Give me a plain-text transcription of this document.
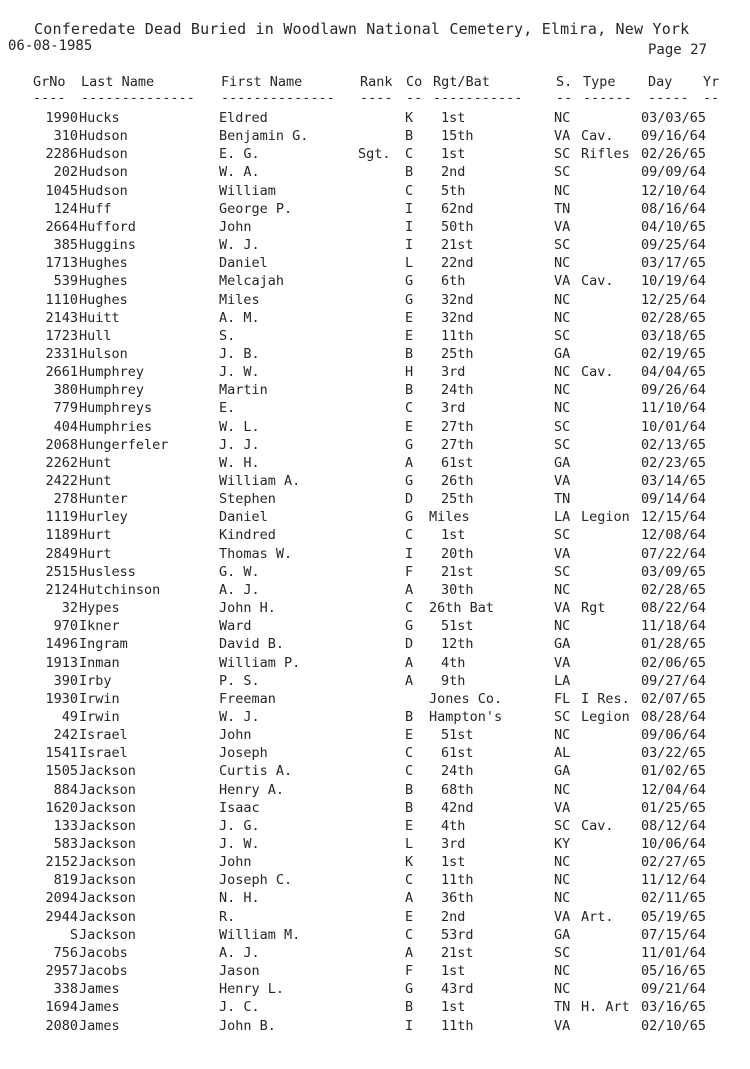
Conferedate Dead Buried in Woodlawn National Cemetery, Elmira, New York
06-08-1985	Page 27
GrNo Last Name	First Name	Rank Co Rgt/Bat	S. Type Day Yr
---- -------------- -------------- ---- -- ----------- -- ------ ----- --
1990 Hucks	Eldred	K 1st	NC	03/03/65
310 Hudson	Benjamin G.	B 15th	VA Cav. 09/16/64
2286 Hudson	E. G.	Sgt. C 1st	SC Rifles 02/26/65
202 Hudson	W. A.	B 2nd	SC	09/09/64
1045 Hudson	William	C 5th	NC	12/10/64
124 Huff	George P.	I 62nd	TN	08/16/64
2664 Hufford	John	I 50th	VA	04/10/65
385 Huggins	W. J.	I 21st	SC	09/25/64
1713 Hughes	Daniel	L 22nd	NC	03/17/65
539 Hughes	Melcajah	G 6th	VA Cav. 10/19/64
1110 Hughes	Miles	G 32nd	NC	12/25/64
2143 Huitt	A. M.	E 32nd	NC	02/28/65
1723 Hull	S.	E 11th	SC	03/18/65
2331 Hulson	J. B.	B 25th	GA	02/19/65
2661 Humphrey	J. W.	H 3rd	NC Cav. 04/04/65
380 Humphrey	Martin	B 24th	NC	09/26/64
779 Humphreys	E.	C 3rd	NC	11/10/64
404 Humphries	W. L.	E 27th	SC	10/01/64
2068 Hungerfeler	J. J.	G 27th	SC	02/13/65
2262 Hunt	W. H.	A 61st	GA	02/23/65
2422 Hunt	William A.	G 26th	VA	03/14/65
278 Hunter	Stephen	D 25th	TN	09/14/64
1119 Hurley	Daniel	G Miles	LA Legion 12/15/64
1189 Hurt	Kindred	C 1st	SC	12/08/64
2849 Hurt	Thomas W.	I 20th	VA	07/22/64
2515 Husless	G. W.	F 21st	SC	03/09/65
2124 Hutchinson	A. J.	A 30th	NC	02/28/65
32 Hypes	John H.	C 26th Bat	VA Rgt	08/22/64
970 Ikner	Ward	G 51st	NC	11/18/64
1496 Ingram	David B.	D 12th	GA	01/28/65
1913 Inman	William P.	A 4th	VA	02/06/65
390 Irby	P. S.	A 9th	LA	09/27/64
1930 Irwin	Freeman	Jones Co.	FL I Res. 02/07/65
49 Irwin	W. J.	B Hampton's	SC Legion 08/28/64
242 Israel	John	E 51st	NC	09/06/64
1541 Israel	Joseph	C 61st	AL	03/22/65
1505 Jackson	Curtis A.	C 24th	GA	01/02/65
884 Jackson	Henry A.	B 68th	NC	12/04/64
1620 Jackson	Isaac	B 42nd	VA	01/25/65
133 Jackson	J. G.	E 4th	SC Cav. 08/12/64
583 Jackson	J. W.	L 3rd	KY	10/06/64
2152 Jackson	John	K 1st	NC	02/27/65
819 Jackson	Joseph C.	C 11th	NC	11/12/64
2094 Jackson	N. H.	A 36th	NC	02/11/65
2944 Jackson	R.	E 2nd	VA Art. 05/19/65
S Jackson	William M.	C 53rd	GA	07/15/64
756 Jacobs	A. J.	A 21st	SC	11/01/64
2957 Jacobs	Jason	F 1st	NC	05/16/65
338 James	Henry L.	G 43rd	NC	09/21/64
1694 James	J. C.	B 1st	TN H. Art 03/16/65
2080 James	John B.	I 11th	VA	02/10/65
